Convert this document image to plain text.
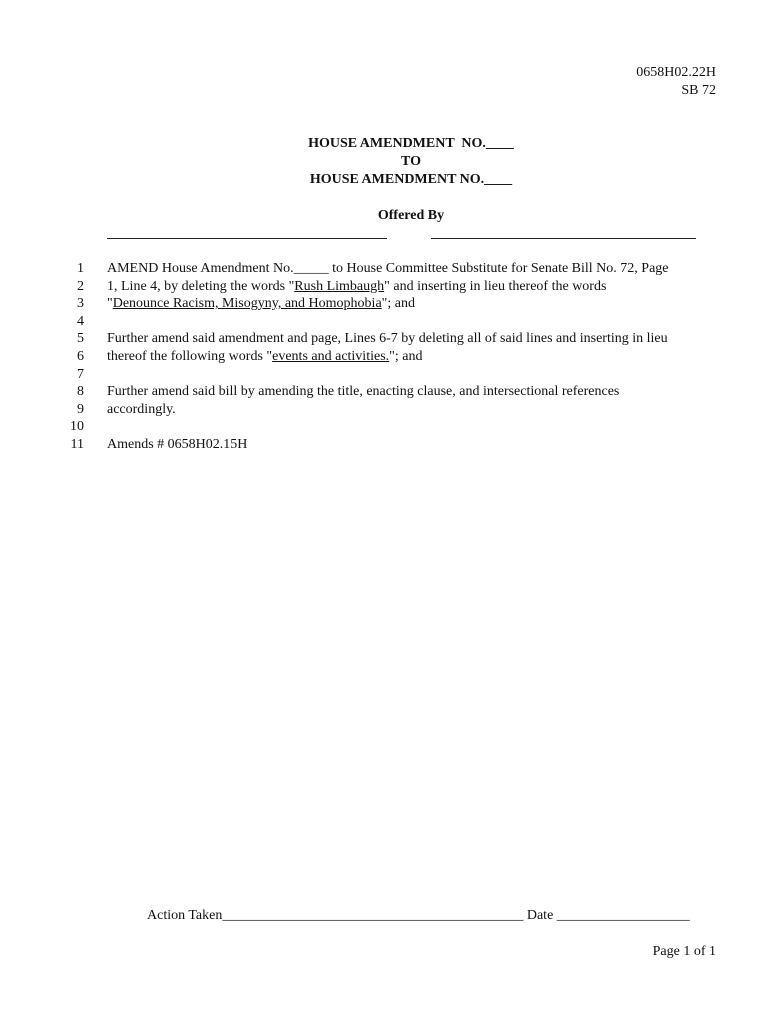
0658H02.22H
SB 72
HOUSE AMENDMENT  NO.____
TO
HOUSE AMENDMENT NO.____
Offered By
1
2
3
4
5
6
7
8
9
10
11
AMEND House Amendment No._____ to House Committee Substitute for Senate Bill No. 72, Page
1, Line 4, by deleting the words "Rush Limbaugh" and inserting in lieu thereof the words
"Denounce Racism, Misogyny, and Homophobia"; and
Further amend said amendment and page, Lines 6-7 by deleting all of said lines and inserting in lieu
thereof the following words "events and activities."; and
Further amend said bill by amending the title, enacting clause, and intersectional references
accordingly.
Amends # 0658H02.15H
Action Taken___________________________________________ Date ___________________
Page 1 of 1
